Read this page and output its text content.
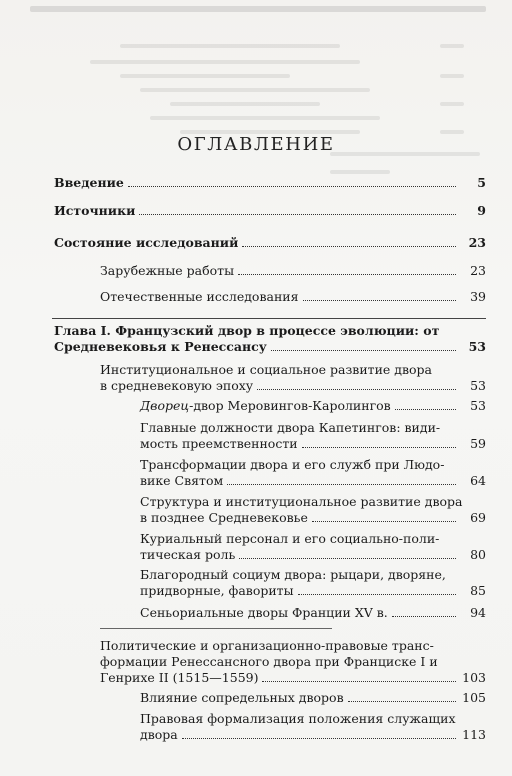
ОГЛАВЛЕНИЕ
Введение	5
Источники	9
Состояние исследований	23
Зарубежные работы	23
Отечественные исследования	39
Глава I. Французский двор в процессе эволюции: от
Средневековья к Ренессансу	53
Институциональное и социальное развитие двора
в средневековую эпоху	53
Дворец-двор Меровингов-Каролингов	53
Главные должности двора Капетингов: види-
мость преемственности	59
Трансформации двора и его служб при Людо-
вике Святом	64
Структура и институциональное развитие двора
в позднее Средневековье	69
Куриальный персонал и его социально-поли-
тическая роль	80
Благородный социум двора: рыцари, дворяне,
придворные, фавориты	85
Сеньориальные дворы Франции XV в.	94
Политические и организационно-правовые транс-
формации Ренессансного двора при Франциске I и
Генрихе II (1515—1559)	103
Влияние сопредельных дворов	105
Правовая формализация положения служащих
двора	113
